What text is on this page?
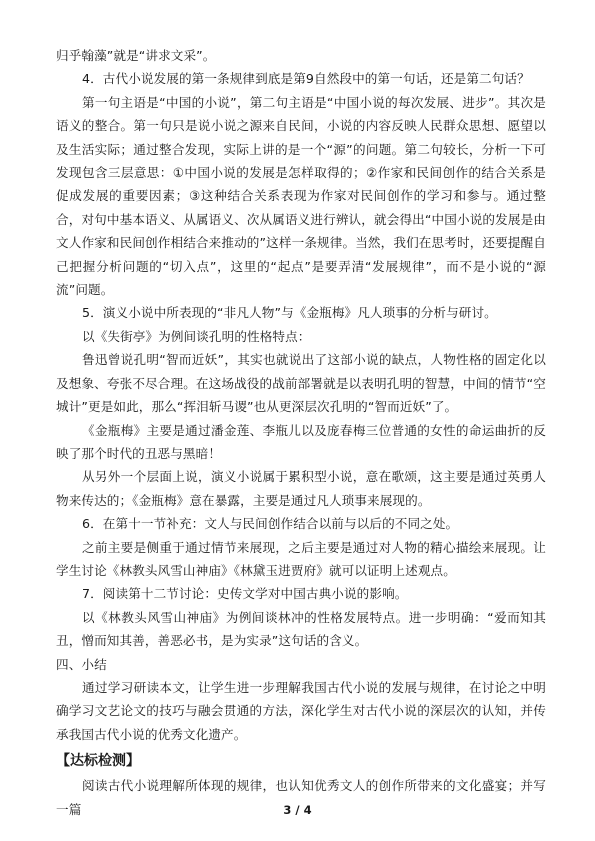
归乎翰藻”就是“讲求文采”。

4．古代小说发展的第一条规律到底是第9自然段中的第一句话，还是第二句话？

第一句主语是“中国的小说”，第二句主语是“中国小说的每次发展、进步”。其次是语义的整合。第一句只是说小说之源来自民间，小说的内容反映人民群众思想、愿望以及生活实际；通过整合发现，实际上讲的是一个“源”的问题。第二句较长，分析一下可发现包含三层意思：①中国小说的发展是怎样取得的；②作家和民间创作的结合关系是促成发展的重要因素；③这种结合关系表现为作家对民间创作的学习和参与。通过整合，对句中基本语义、从属语义、次从属语义进行辨认，就会得出“中国小说的发展是由文人作家和民间创作相结合来推动的”这样一条规律。当然，我们在思考时，还要提醒自己把握分析问题的“切入点”，这里的“起点”是要弄清“发展规律”，而不是小说的“源流”问题。

5．演义小说中所表现的“非凡人物”与《金瓶梅》凡人琐事的分析与研讨。

以《失街亭》为例间谈孔明的性格特点：

鲁迅曾说孔明“智而近妖”，其实也就说出了这部小说的缺点，人物性格的固定化以及想象、夸张不尽合理。在这场战役的战前部署就是以表明孔明的智慧，中间的情节“空城计”更是如此，那么“挥泪斩马谡”也从更深层次孔明的“智而近妖”了。

《金瓶梅》主要是通过潘金莲、李瓶儿以及庞春梅三位普通的女性的命运曲折的反映了那个时代的丑恶与黑暗！

从另外一个层面上说，演义小说属于累积型小说，意在歌颂，这主要是通过英勇人物来传达的；《金瓶梅》意在暴露，主要是通过凡人琐事来展现的。

6．在第十一节补充：文人与民间创作结合以前与以后的不同之处。

之前主要是侧重于通过情节来展现，之后主要是通过对人物的精心描绘来展现。让学生讨论《林教头风雪山神庙》《林黛玉进贾府》就可以证明上述观点。

7．阅读第十二节讨论：史传文学对中国古典小说的影响。

以《林教头风雪山神庙》为例间谈林冲的性格发展特点。进一步明确：“爱而知其丑，憎而知其善，善恶必书，是为实录”这句话的含义。

四、小结

通过学习研读本文，让学生进一步理解我国古代小说的发展与规律，在讨论之中明确学习文艺论文的技巧与融会贯通的方法，深化学生对古代小说的深层次的认知，并传承我国古代小说的优秀文化遗产。

【达标检测】

阅读古代小说理解所体现的规律，也认知优秀文人的创作所带来的文化盛宴；并写一篇	3 / 4
